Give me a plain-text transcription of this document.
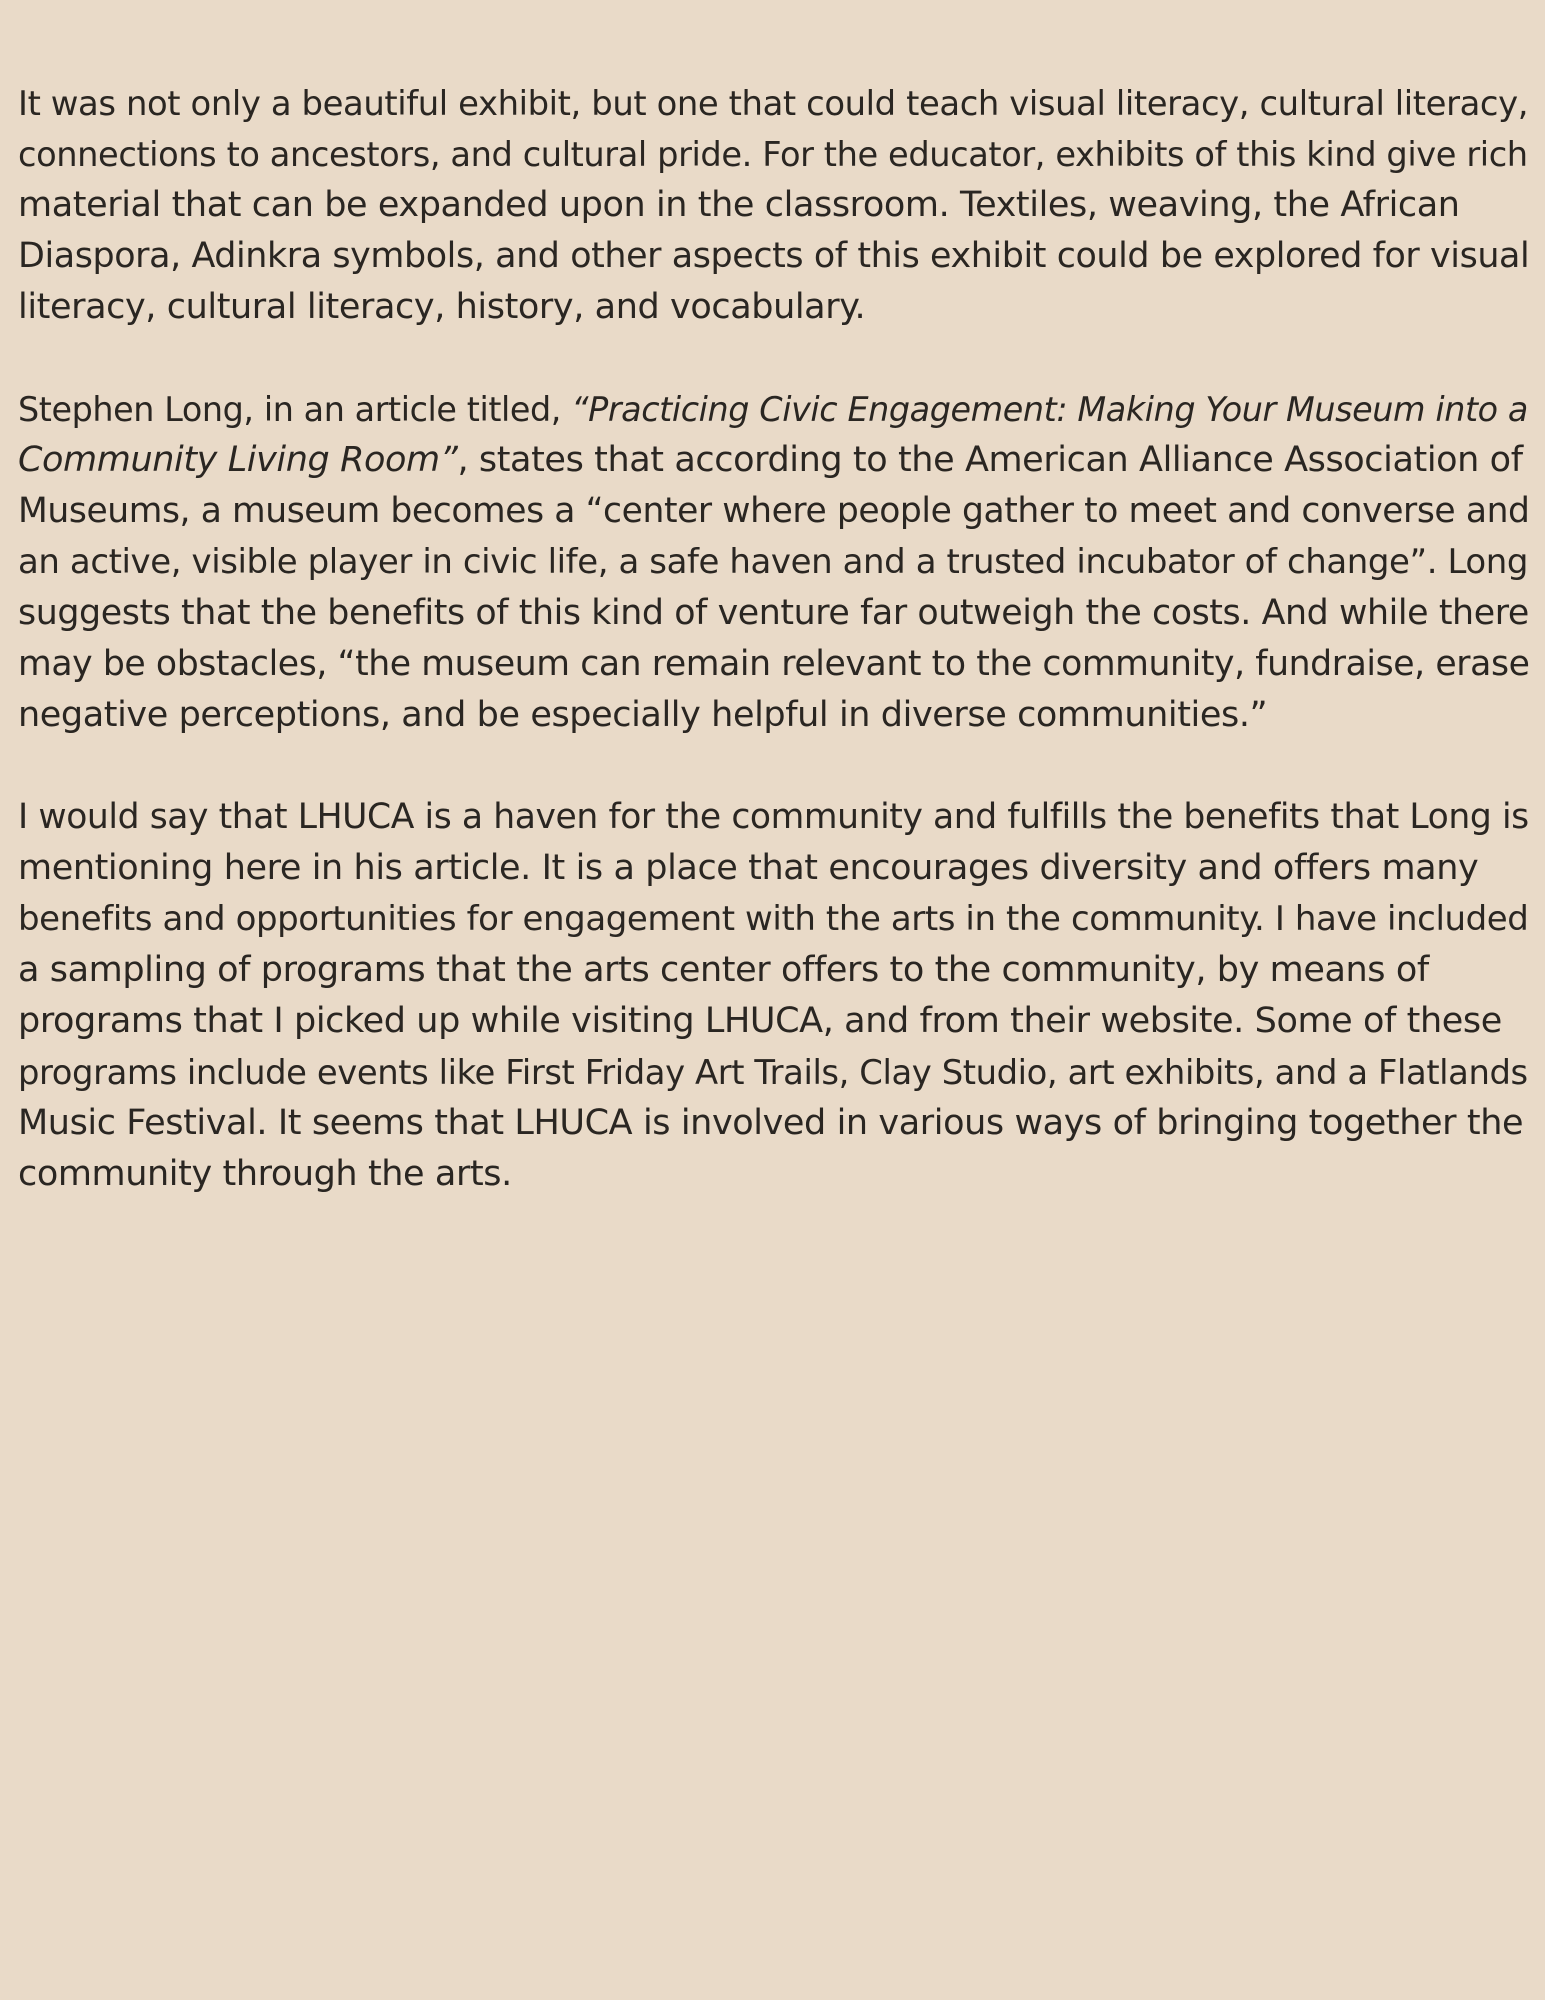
It was not only a beautiful exhibit, but one that could teach visual literacy, cultural literacy,
connections to ancestors, and cultural pride. For the educator, exhibits of this kind give rich
material that can be expanded upon in the classroom. Textiles, weaving, the African
Diaspora, Adinkra symbols, and other aspects of this exhibit could be explored for visual
literacy, cultural literacy, history, and vocabulary.

Stephen Long, in an article titled, “Practicing Civic Engagement: Making Your Museum into a
Community Living Room”, states that according to the American Alliance Association of
Museums, a museum becomes a “center where people gather to meet and converse and
an active, visible player in civic life, a safe haven and a trusted incubator of change”. Long
suggests that the benefits of this kind of venture far outweigh the costs. And while there
may be obstacles, “the museum can remain relevant to the community, fundraise, erase
negative perceptions, and be especially helpful in diverse communities.”

I would say that LHUCA is a haven for the community and fulfills the benefits that Long is
mentioning here in his article. It is a place that encourages diversity and offers many
benefits and opportunities for engagement with the arts in the community. I have included
a sampling of programs that the arts center offers to the community, by means of
programs that I picked up while visiting LHUCA, and from their website. Some of these
programs include events like First Friday Art Trails, Clay Studio, art exhibits, and a Flatlands
Music Festival. It seems that LHUCA is involved in various ways of bringing together the
community through the arts.
